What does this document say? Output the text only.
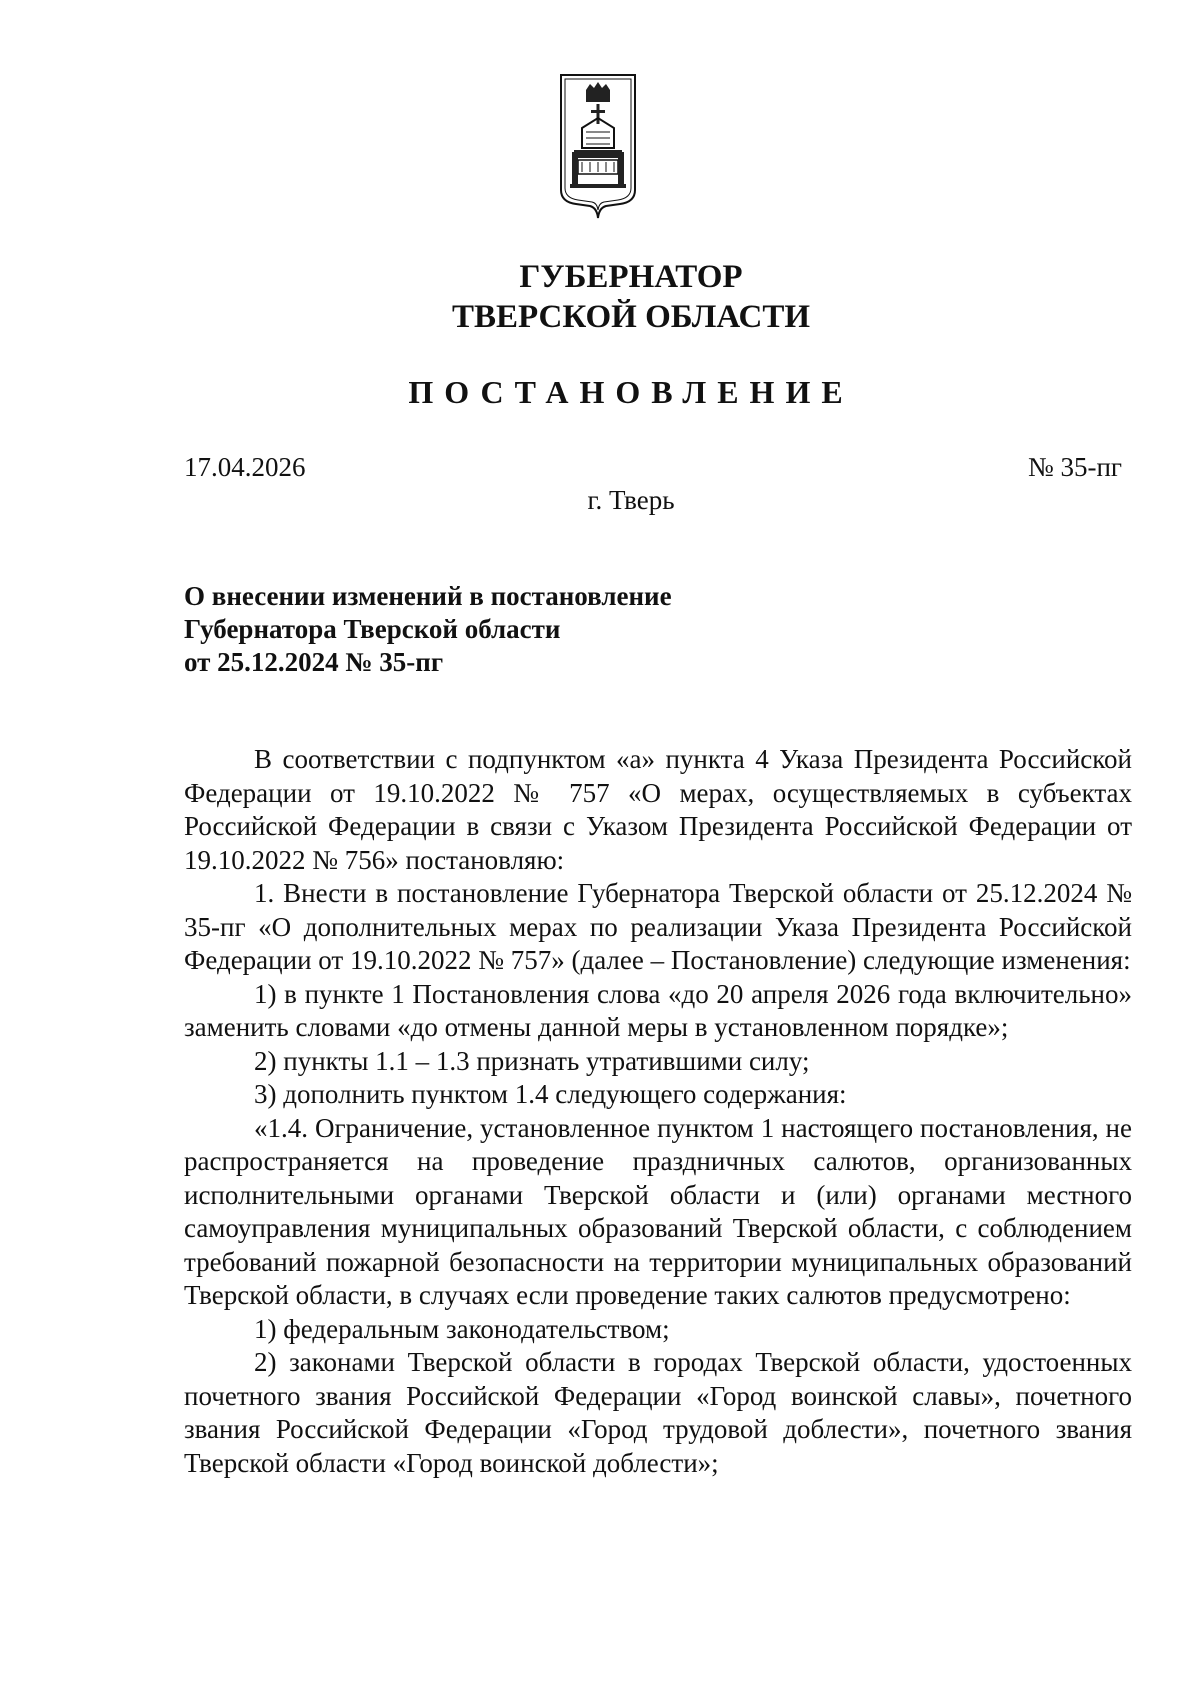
ГУБЕРНАТОР
ТВЕРСКОЙ ОБЛАСТИ
ПОСТАНОВЛЕНИЕ
17.04.2026	№ 35-пг
г. Тверь
О внесении изменений в постановление
Губернатора Тверской области
от 25.12.2024 № 35-пг

В соответствии с подпунктом «а» пункта 4 Указа Президента Российской Федерации от 19.10.2022 № 757 «О мерах, осуществляемых в субъектах Российской Федерации в связи с Указом Президента Российской Федерации от 19.10.2022 № 756» постановляю:

1. Внести в постановление Губернатора Тверской области от 25.12.2024 № 35-пг «О дополнительных мерах по реализации Указа Президента Российской Федерации от 19.10.2022 № 757» (далее – Постановление) следующие изменения:

1) в пункте 1 Постановления слова «до 20 апреля 2026 года включительно» заменить словами «до отмены данной меры в установленном порядке»;

2) пункты 1.1 – 1.3 признать утратившими силу;

3) дополнить пунктом 1.4 следующего содержания:

«1.4. Ограничение, установленное пунктом 1 настоящего постановления, не распространяется на проведение праздничных салютов, организованных исполнительными органами Тверской области и (или) органами местного самоуправления муниципальных образований Тверской области, с соблюдением требований пожарной безопасности на территории муниципальных образований Тверской области, в случаях если проведение таких салютов предусмотрено:

1) федеральным законодательством;

2) законами Тверской области в городах Тверской области, удостоенных почетного звания Российской Федерации «Город воинской славы», почетного звания Российской Федерации «Город трудовой доблести», почетного звания Тверской области «Город воинской доблести»;
